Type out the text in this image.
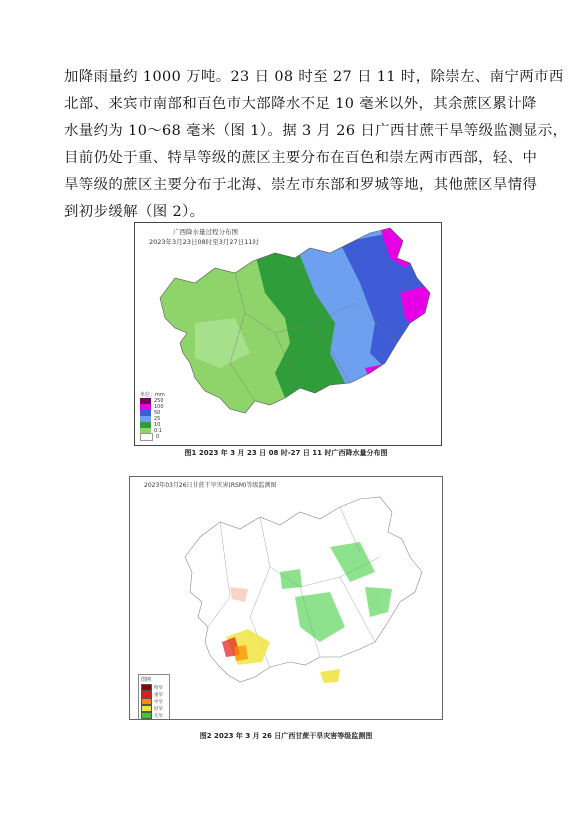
加降雨量约 1000 万吨。23 日 08 时至 27 日 11 时，除崇左、南宁两市西
北部、来宾市南部和百色市大部降水不足 10 毫米以外，其余蔗区累计降
水量约为 10～68 毫米（图 1）。据 3 月 26 日广西甘蔗干旱等级监测显示，
目前仍处于重、特旱等级的蔗区主要分布在百色和崇左两市西部，轻、中
旱等级的蔗区主要分布于北海、崇左市东部和罗城等地，其他蔗区旱情得
到初步缓解（图 2）。
广西降水量过程分布图
2023年3月23日08时至3月27日11时
单位：mm
250
100
50
25
10
0.1
0
图1 2023 年 3 月 23 日 08 时-27 日 11 时广西降水量分布图
2023年03月26日甘蔗干旱灾害(RSM)等级监测图
图例
特旱
重旱
中旱
轻旱
无旱
图2 2023 年 3 月 26 日广西甘蔗干旱灾害等级监测图
